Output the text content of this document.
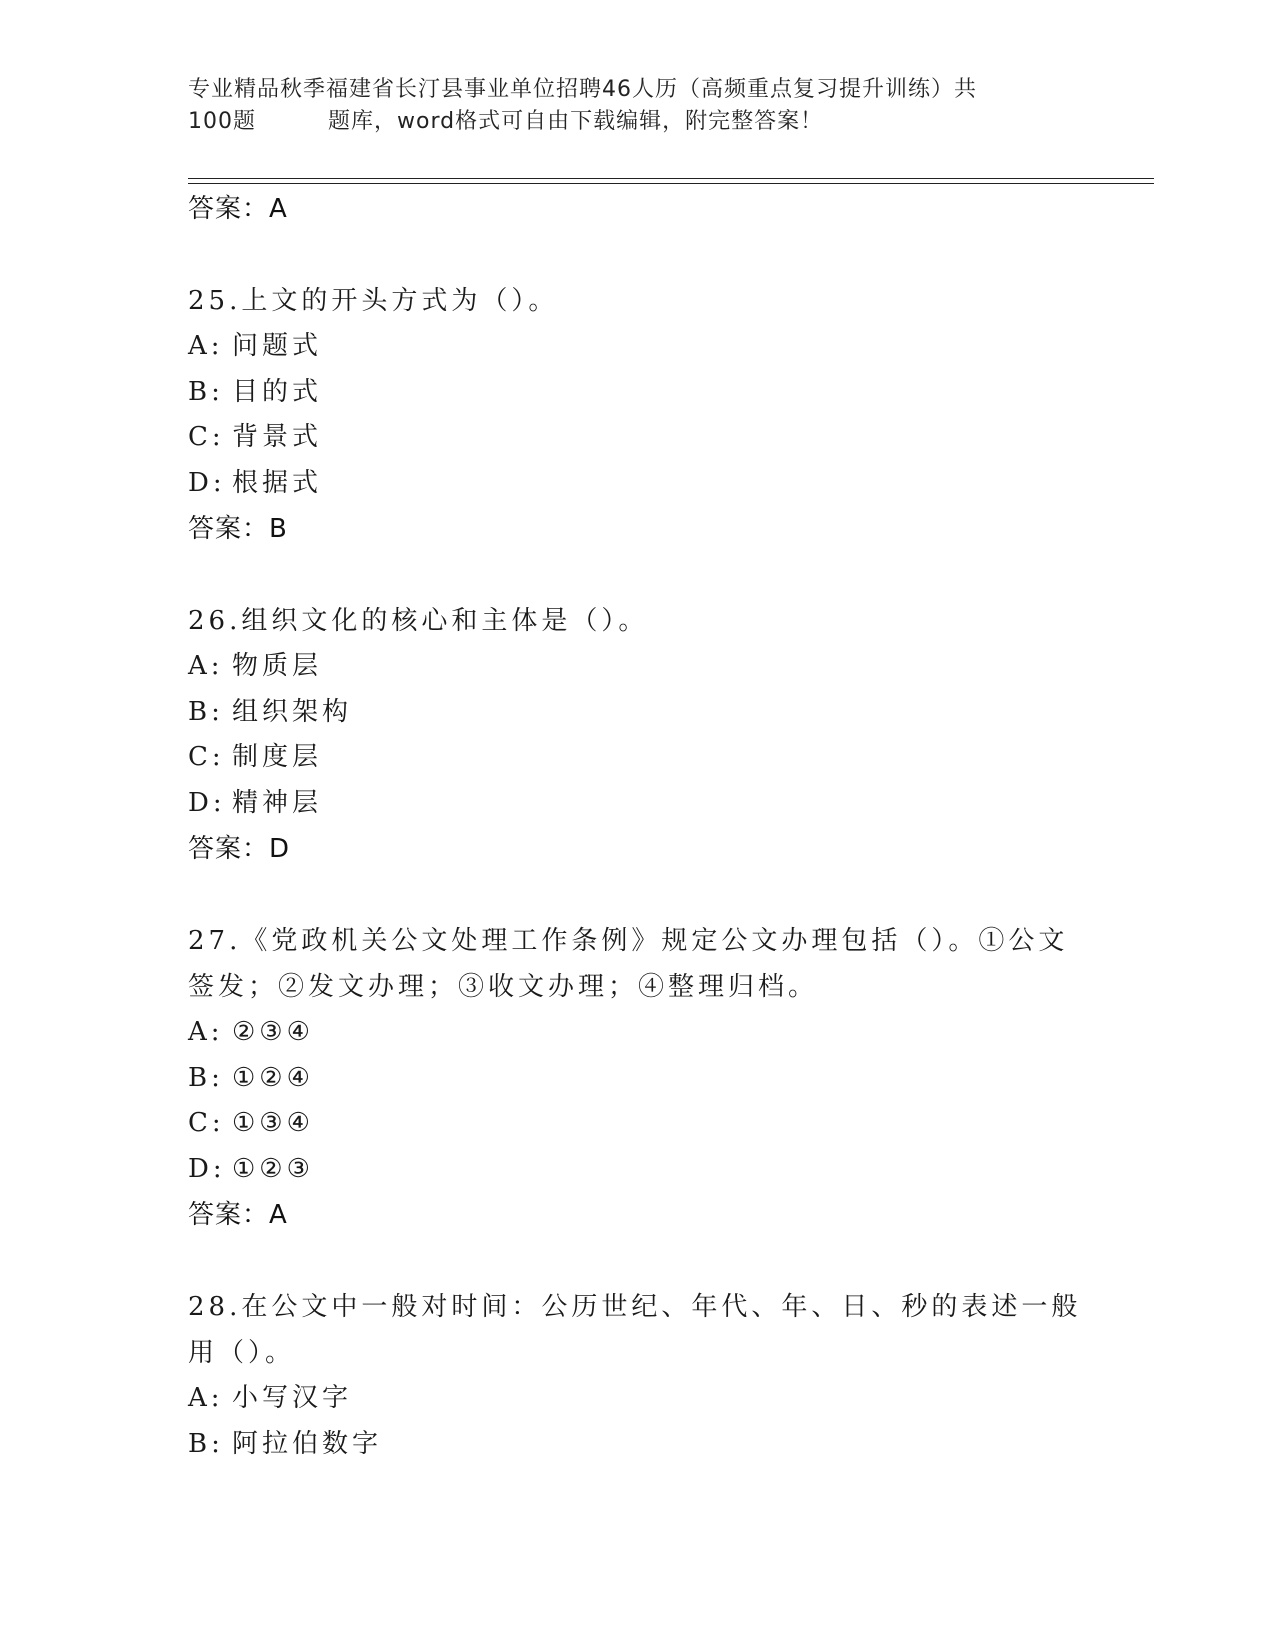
专业精品秋季福建省长汀县事业单位招聘46人历（高频重点复习提升训练）共
100题	题库，word格式可自由下载编辑，附完整答案！
答案：A
25.上文的开头方式为（）。
A: 问题式
B: 目的式
C: 背景式
D: 根据式
答案：B
26.组织文化的核心和主体是（）。
A: 物质层
B: 组织架构
C: 制度层
D: 精神层
答案：D
27.《党政机关公文处理工作条例》规定公文办理包括（）。①公文签发；②发文办理；③收文办理；④整理归档。
A: ②③④
B: ①②④
C: ①③④
D: ①②③
答案：A
28.在公文中一般对时间：公历世纪、年代、年、日、秒的表述一般用（）。
A: 小写汉字
B: 阿拉伯数字
